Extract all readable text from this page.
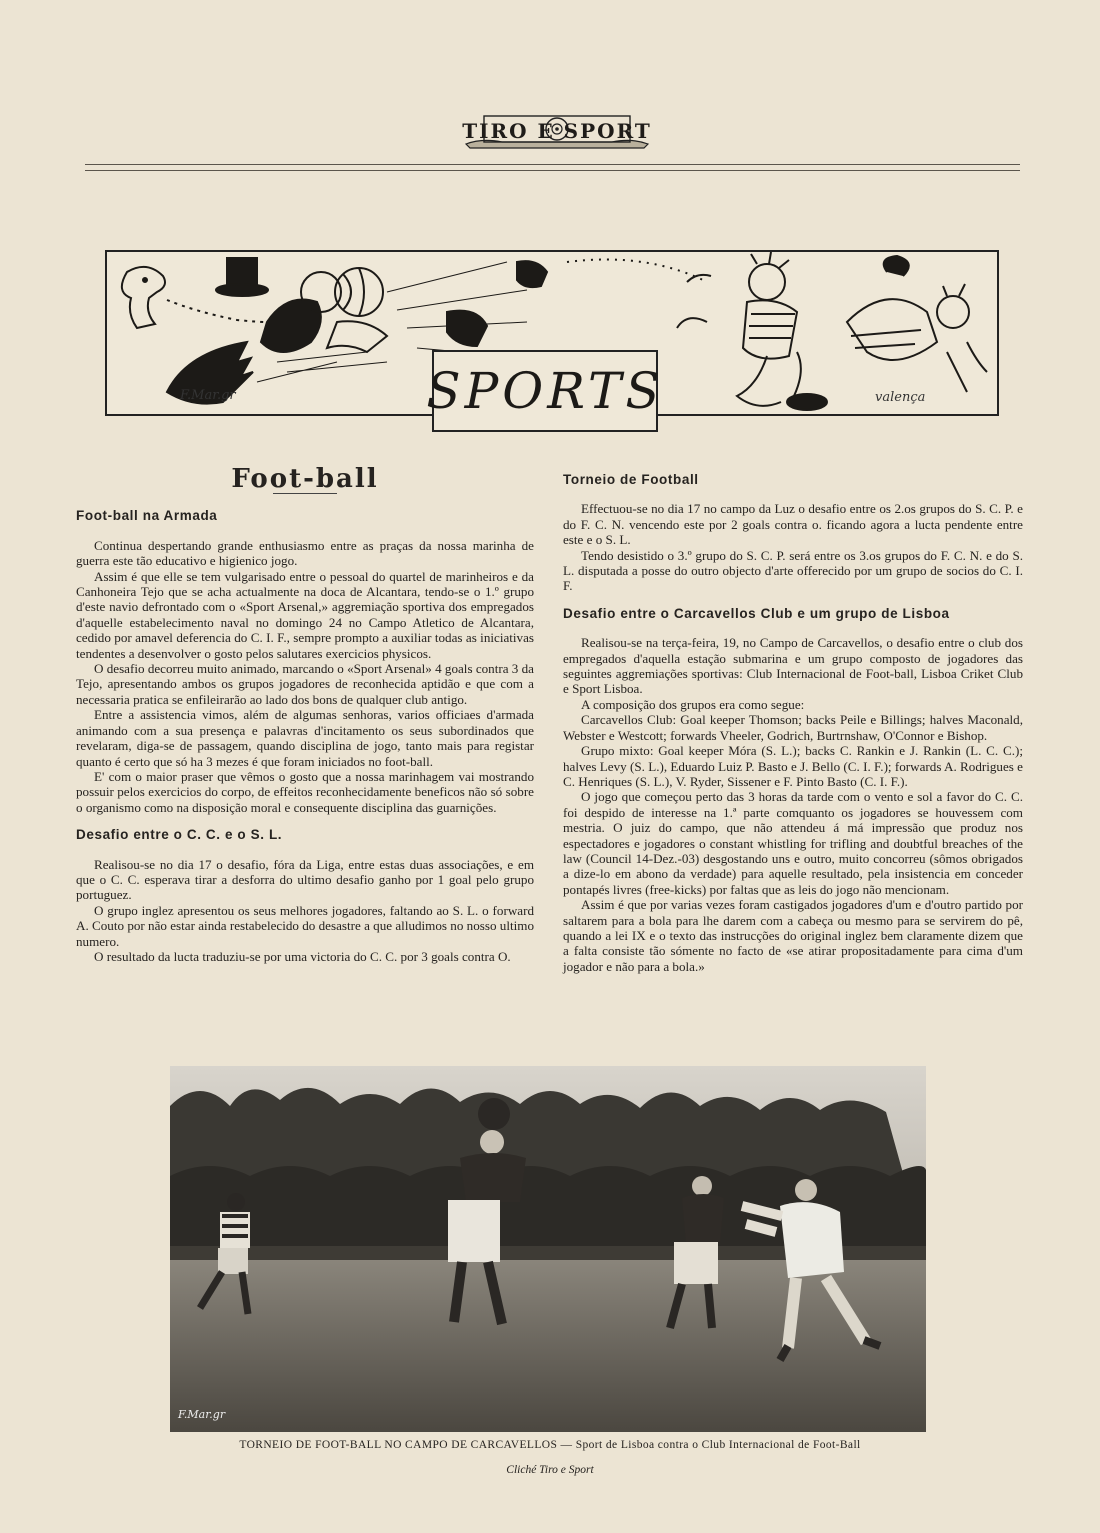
TIRO E SPORT
F.Mar.gr	valença
SPORTS
Foot-ball
Foot-ball na Armada

Continua despertando grande enthusiasmo entre as praças da nossa marinha de guerra este tão educativo e higienico jogo.

Assim é que elle se tem vulgarisado entre o pessoal do quartel de marinheiros e da Canhoneira Tejo que se acha actualmente na doca de Alcantara, tendo-se o 1.º grupo d'este navio defrontado com o «Sport Arsenal,» aggremiação sportiva dos empregados d'aquelle estabelecimento naval no domingo 24 no Campo Atletico de Alcantara, cedido por amavel deferencia do C. I. F., sempre prompto a auxiliar todas as iniciativas tendentes a desenvolver o gosto pelos salutares exercicios physicos.

O desafio decorreu muito animado, marcando o «Sport Arsenal» 4 goals contra 3 da Tejo, apresentando ambos os grupos jogadores de reconhecida aptidão e que com a necessaria pratica se enfileirarão ao lado dos bons de qualquer club antigo.

Entre a assistencia vimos, além de algumas senhoras, varios officiaes d'armada animando com a sua presença e palavras d'incitamento os seus subordinados que revelaram, diga-se de passagem, quando disciplina de jogo, tanto mais para registar quanto é certo que só ha 3 mezes é que foram iniciados no foot-ball.

E' com o maior praser que vêmos o gosto que a nossa marinhagem vai mostrando possuir pelos exercicios do corpo, de effeitos reconhecidamente beneficos não só sobre o organismo como na disposição moral e consequente disciplina das guarnições.

Desafio entre o C. C. e o S. L.

Realisou-se no dia 17 o desafio, fóra da Liga, entre estas duas associações, e em que o C. C. esperava tirar a desforra do ultimo desafio ganho por 1 goal pelo grupo portuguez.

O grupo inglez apresentou os seus melhores jogadores, faltando ao S. L. o forward A. Couto por não estar ainda restabelecido do desastre a que alludimos no nosso ultimo numero.

O resultado da lucta traduziu-se por uma victoria do C. C. por 3 goals contra O.

Torneio de Football

Effectuou-se no dia 17 no campo da Luz o desafio entre os 2.os grupos do S. C. P. e do F. C. N. vencendo este por 2 goals contra o. ficando agora a lucta pendente entre este e o S. L.

Tendo desistido o 3.º grupo do S. C. P. será entre os 3.os grupos do F. C. N. e do S. L. disputada a posse do outro objecto d'arte offerecido por um grupo de socios do C. I. F.

Desafio entre o Carcavellos Club e um grupo de Lisboa

Realisou-se na terça-feira, 19, no Campo de Carcavellos, o desafio entre o club dos empregados d'aquella estação submarina e um grupo composto de jogadores das seguintes aggremiações sportivas: Club Internacional de Foot-ball, Lisboa Criket Club e Sport Lisboa.

A composição dos grupos era como segue:

Carcavellos Club: Goal keeper Thomson; backs Peile e Billings; halves Maconald, Webster e Westcott; forwards Vheeler, Godrich, Burtrnshaw, O'Connor e Bishop.

Grupo mixto: Goal keeper Móra (S. L.); backs C. Rankin e J. Rankin (L. C. C.); halves Levy (S. L.), Eduardo Luiz P. Basto e J. Bello (C. I. F.); forwards A. Rodrigues e C. Henriques (S. L.), V. Ryder, Sissener e F. Pinto Basto (C. I. F.).

O jogo que começou perto das 3 horas da tarde com o vento e sol a favor do C. C. foi despido de interesse na 1.ª parte comquanto os jogadores se houvessem com mestria. O juiz do campo, que não attendeu á má impressão que produz nos espectadores e jogadores o constant whistling for trifling and doubtful breaches of the law (Council 14-Dez.-03) desgostando uns e outro, muito concorreu (sômos obrigados a dize-lo em abono da verdade) para aquelle resultado, pela insistencia em conceder pontapés livres (free-kicks) por faltas que as leis do jogo não mencionam.

Assim é que por varias vezes foram castigados jogadores d'um e d'outro partido por saltarem para a bola para lhe darem com a cabeça ou mesmo para se servirem do pê, quando a lei IX e o texto das instrucções do original inglez bem claramente dizem que a falta consiste tão sómente no facto de «se atirar propositadamente para cima d'um jogador e não para a bola.»

F.Mar.gr
TORNEIO DE FOOT-BALL NO CAMPO DE CARCAVELLOS — Sport de Lisboa contra o Club Internacional de Foot-Ball
Cliché Tiro e Sport
